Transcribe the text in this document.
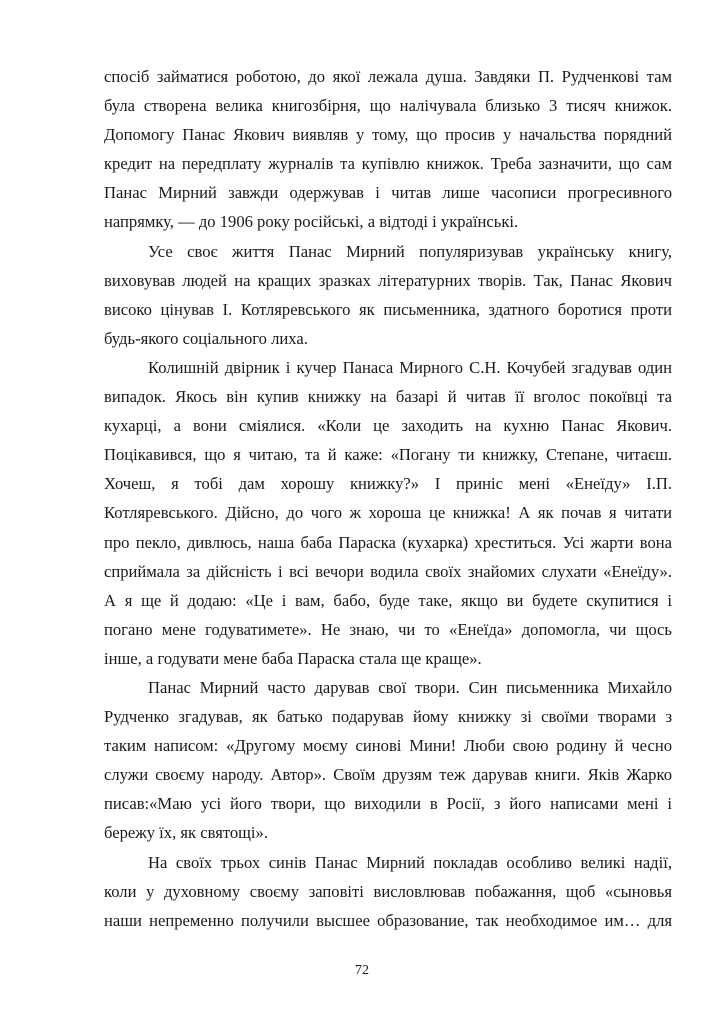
спосіб займатися роботою, до якої лежала душа. Завдяки П. Рудченкові там
була створена велика книгозбірня, що налічувала близько 3 тисяч книжок.
Допомогу Панас Якович виявляв у тому, що просив у начальства порядний
кредит на передплату журналів та купівлю книжок. Треба зазначити, що сам
Панас Мирний завжди одержував і читав лише часописи прогресивного
напрямку, — до 1906 року російські, а відтоді і українські.
Усе своє життя Панас Мирний популяризував українську книгу,
виховував людей на кращих зразках літературних творів. Так, Панас Якович
високо цінував І. Котляревського як письменника, здатного боротися проти
будь-якого соціального лиха.
Колишній двірник і кучер Панаса Мирного С.Н. Кочубей згадував один
випадок. Якось він купив книжку на базарі й читав її вголос покоївці та
кухарці, а вони сміялися. «Коли це заходить на кухню Панас Якович.
Поцікавився, що я читаю, та й каже: «Погану ти книжку, Степане, читаєш.
Хочеш, я тобі дам хорошу книжку?» І приніс мені «Енеїду» І.П.
Котляревського. Дійсно, до чого ж хороша це книжка! А як почав я читати
про пекло, дивлюсь, наша баба Параска (кухарка) хреститься. Усі жарти вона
сприймала за дійсність і всі вечори водила своїх знайомих слухати «Енеїду».
А я ще й додаю: «Це і вам, бабо, буде таке, якщо ви будете скупитися і
погано мене годуватимете». Не знаю, чи то «Енеїда» допомогла, чи щось
інше, а годувати мене баба Параска стала ще краще».
Панас Мирний часто дарував свої твори. Син письменника Михайло
Рудченко згадував, як батько подарував йому книжку зі своїми творами з
таким написом: «Другому моєму синові Мини! Люби свою родину й чесно
служи своєму народу. Автор». Своїм друзям теж дарував книги. Яків Жарко
писав:«Маю усі його твори, що виходили в Росії, з його написами мені і
бережу їх, як святощі».
На своїх трьох синів Панас Мирний покладав особливо великі надії,
коли у духовному своєму заповіті висловлював побажання, щоб «сыновья
наши непременно получили высшее образование, так необходимое им… для
72
